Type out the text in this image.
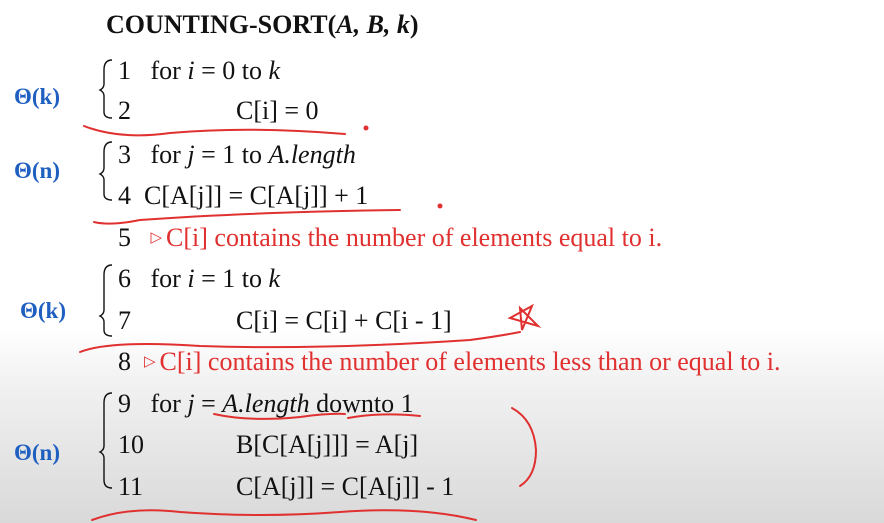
COUNTING-SORT(A, B, k)
Θ(k)
Θ(n)
Θ(k)
Θ(n)
1 for i = 0 to k
2	C[i] = 0
3 for j = 1 to A.length
4 C[A[j]] = C[A[j]] + 1
5 ▷ C[i] contains the number of elements equal to i.
6 for i = 1 to k
7	C[i] = C[i] + C[i - 1]
8 ▷ C[i] contains the number of elements less than or equal to i.
9 for j = A.length downto 1
10	B[C[A[j]]] = A[j]
11	C[A[j]] = C[A[j]] - 1
